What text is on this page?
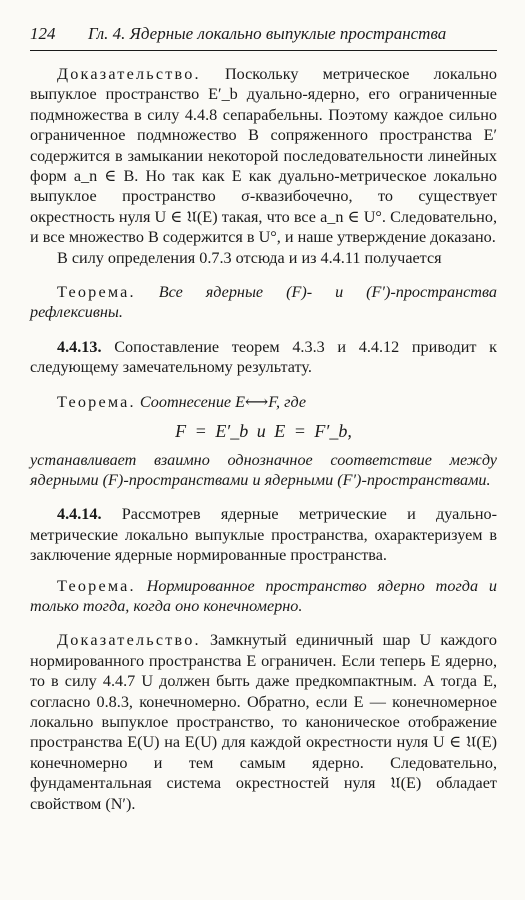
124 Гл. 4. Ядерные локально выпуклые пространства

Доказательство. Поскольку метрическое локально выпуклое пространство E′_b дуально-ядерно, его ограниченные подмножества в силу 4.4.8 сепарабельны. Поэтому каждое сильно ограниченное подмножество B сопряженного пространства E′ содержится в замыкании некоторой последовательности линейных форм a_n ∈ B. Но так как E как дуально-метрическое локально выпуклое пространство σ-квазибочечно, то существует окрестность нуля U ∈ 𝔘(E) такая, что все a_n ∈ U°. Следовательно, и все множество B содержится в U°, и наше утверждение доказано.

В силу определения 0.7.3 отсюда и из 4.4.11 получается

Теорема. Все ядерные (F)- и (F′)-пространства рефлексивны.

4.4.13. Сопоставление теорем 4.3.3 и 4.4.12 приводит к следующему замечательному результату.

Теорема. Соотнесение E⟷F, где

F = E′_b и E = F′_b,

устанавливает взаимно однозначное соответствие между ядерными (F)-пространствами и ядерными (F′)-пространствами.

4.4.14. Рассмотрев ядерные метрические и дуально-метрические локально выпуклые пространства, охарактеризуем в заключение ядерные нормированные пространства.

Теорема. Нормированное пространство ядерно тогда и только тогда, когда оно конечномерно.

Доказательство. Замкнутый единичный шар U каждого нормированного пространства E ограничен. Если теперь E ядерно, то в силу 4.4.7 U должен быть даже предкомпактным. А тогда E, согласно 0.8.3, конечномерно. Обратно, если E — конечномерное локально выпуклое пространство, то каноническое отображение пространства E(U) на E(U) для каждой окрестности нуля U ∈ 𝔘(E) конечномерно и тем самым ядерно. Следовательно, фундаментальная система окрестностей нуля 𝔘(E) обладает свойством (N′).
